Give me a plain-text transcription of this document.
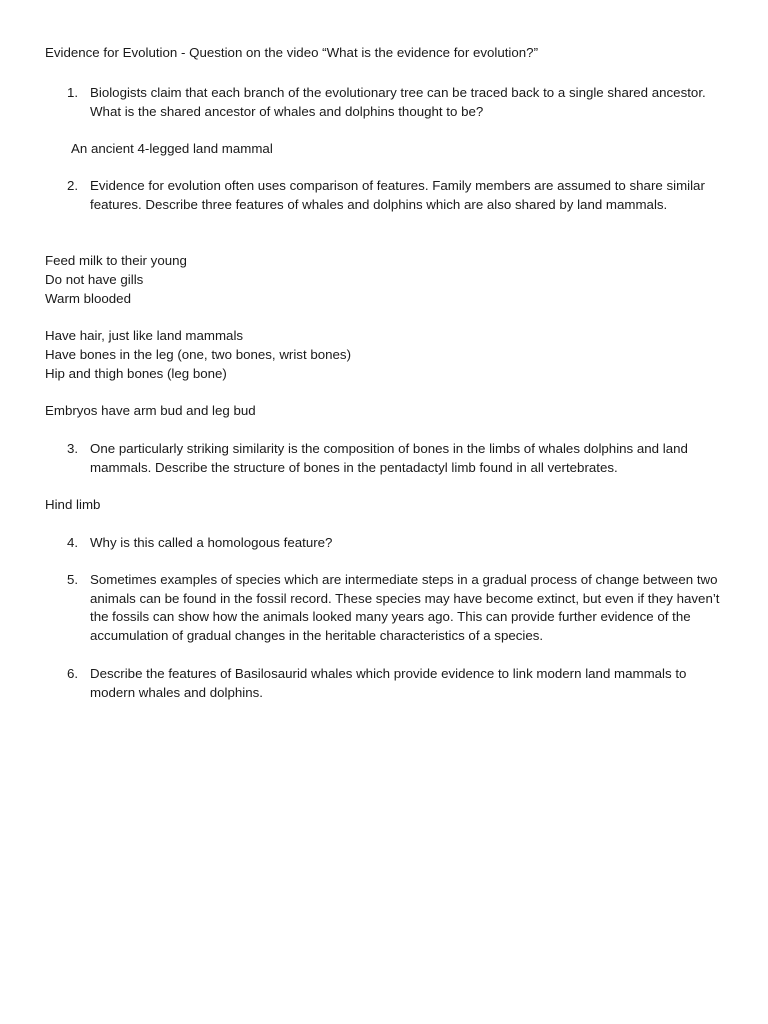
Evidence for Evolution - Question on the video “What is the evidence for evolution?”

1. Biologists claim that each branch of the evolutionary tree can be traced back to a single shared ancestor. What is the shared ancestor of whales and dolphins thought to be?

An ancient 4-legged land mammal

2. Evidence for evolution often uses comparison of features. Family members are assumed to share similar features. Describe three features of whales and dolphins which are also shared by land mammals.

Feed milk to their young

Do not have gills

Warm blooded

Have hair, just like land mammals

Have bones in the leg (one, two bones, wrist bones)

Hip and thigh bones (leg bone)

Embryos have arm bud and leg bud

3. One particularly striking similarity is the composition of bones in the limbs of whales dolphins and land mammals. Describe the structure of bones in the pentadactyl limb found in all vertebrates.

Hind limb

4. Why is this called a homologous feature?
5. Sometimes examples of species which are intermediate steps in a gradual process of change between two animals can be found in the fossil record. These species may have become extinct, but even if they haven’t the fossils can show how the animals looked many years ago. This can provide further evidence of the accumulation of gradual changes in the heritable characteristics of a species.
6. Describe the features of Basilosaurid whales which provide evidence to link modern land mammals to modern whales and dolphins.
